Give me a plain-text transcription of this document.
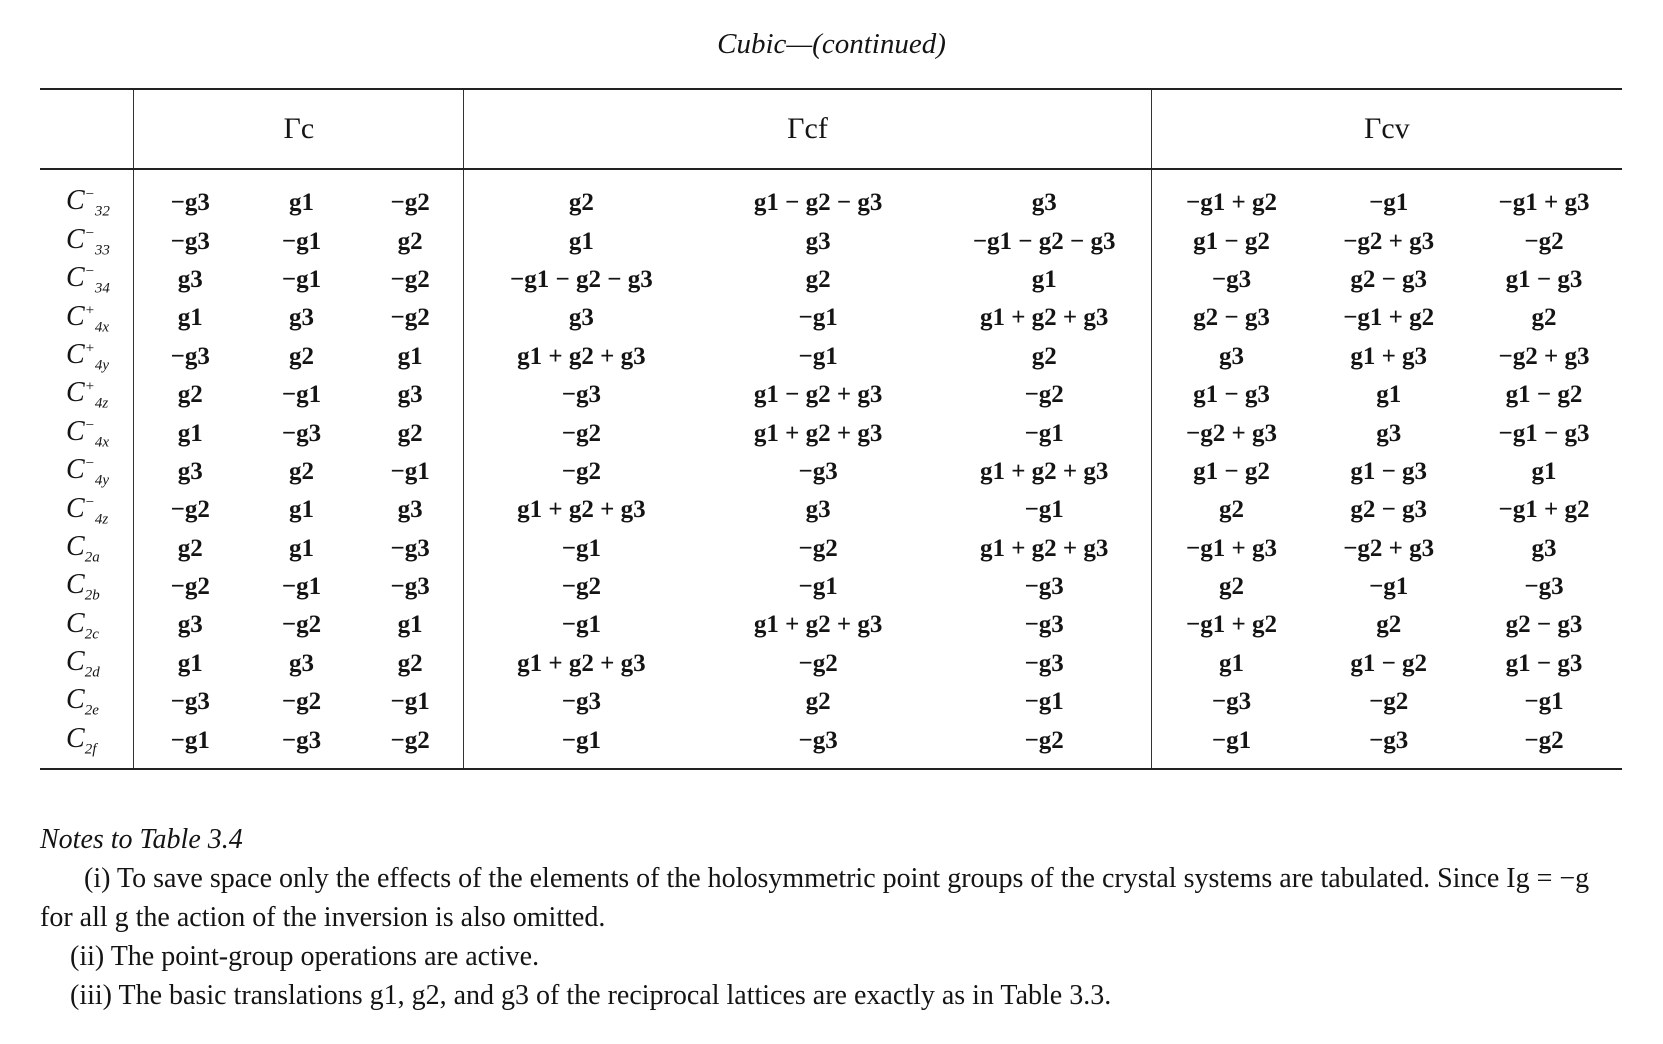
Cubic—(continued)
	Γc			Γcf			Γcv		
$C^-_{32}$	−g3	g1	−g2	g2	g1 − g2 − g3	g3	−g1 + g2	−g1	−g1 + g3
$C^-_{33}$	−g3	−g1	g2	g1	g3	−g1 − g2 − g3	g1 − g2	−g2 + g3	−g2
$C^-_{34}$	g3	−g1	−g2	−g1 − g2 − g3	g2	g1	−g3	g2 − g3	g1 − g3
$C^+_{4x}$	g1	g3	−g2	g3	−g1	g1 + g2 + g3	g2 − g3	−g1 + g2	g2
$C^+_{4y}$	−g3	g2	g1	g1 + g2 + g3	−g1	g2	g3	g1 + g3	−g2 + g3
$C^+_{4z}$	g2	−g1	g3	−g3	g1 − g2 + g3	−g2	g1 − g3	g1	g1 − g2
$C^-_{4x}$	g1	−g3	g2	−g2	g1 + g2 + g3	−g1	−g2 + g3	g3	−g1 − g3
$C^-_{4y}$	g3	g2	−g1	−g2	−g3	g1 + g2 + g3	g1 − g2	g1 − g3	g1
$C^-_{4z}$	−g2	g1	g3	g1 + g2 + g3	g3	−g1	g2	g2 − g3	−g1 + g2
$C_{2a}$	g2	g1	−g3	−g1	−g2	g1 + g2 + g3	−g1 + g3	−g2 + g3	g3
$C_{2b}$	−g2	−g1	−g3	−g2	−g1	−g3	g2	−g1	−g3
$C_{2c}$	g3	−g2	g1	−g1	g1 + g2 + g3	−g3	−g1 + g2	g2	g2 − g3
$C_{2d}$	g1	g3	g2	g1 + g2 + g3	−g2	−g3	g1	g1 − g2	g1 − g3
$C_{2e}$	−g3	−g2	−g1	−g3	g2	−g1	−g3	−g2	−g1
$C_{2f}$	−g1	−g3	−g2	−g1	−g3	−g2	−g1	−g3	−g2

Notes to Table 3.4

(i) To save space only the effects of the elements of the holosymmetric point groups of the crystal systems are tabulated. Since Ig = −g for all g the action of the inversion is also omitted.

(ii) The point-group operations are active.

(iii) The basic translations g1, g2, and g3 of the reciprocal lattices are exactly as in Table 3.3.
